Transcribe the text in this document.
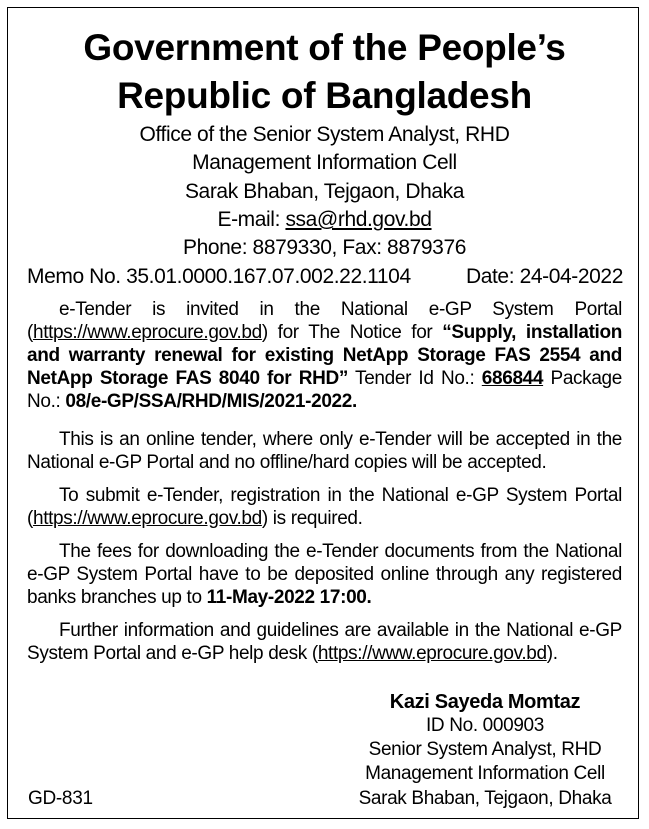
Government of the People’s
Republic of Bangladesh
Office of the Senior System Analyst, RHD
Management Information Cell
Sarak Bhaban, Tejgaon, Dhaka
E-mail: ssa@rhd.gov.bd
Phone: 8879330, Fax: 8879376
Memo No. 35.01.0000.167.07.002.22.1104	Date: 24-04-2022

e-Tender is invited in the National e-GP System Portal (https://www.eprocure.gov.bd) for The Notice for “Supply, installation and warranty renewal for existing NetApp Storage FAS 2554 and NetApp Storage FAS 8040 for RHD” Tender Id No.: 686844 Package No.: 08/e-GP/SSA/RHD/MIS/2021-2022.

This is an online tender, where only e-Tender will be accepted in the National e-GP Portal and no offline/hard copies will be accepted.

To submit e-Tender, registration in the National e-GP System Portal (https://www.eprocure.gov.bd) is required.

The fees for downloading the e-Tender documents from the National e-GP System Portal have to be deposited online through any registered banks branches up to 11-May-2022 17:00.

Further information and guidelines are available in the National e-GP System Portal and e-GP help desk (https://www.eprocure.gov.bd).

Kazi Sayeda Momtaz
ID No. 000903
Senior System Analyst, RHD
Management Information Cell
Sarak Bhaban, Tejgaon, Dhaka
GD-831
